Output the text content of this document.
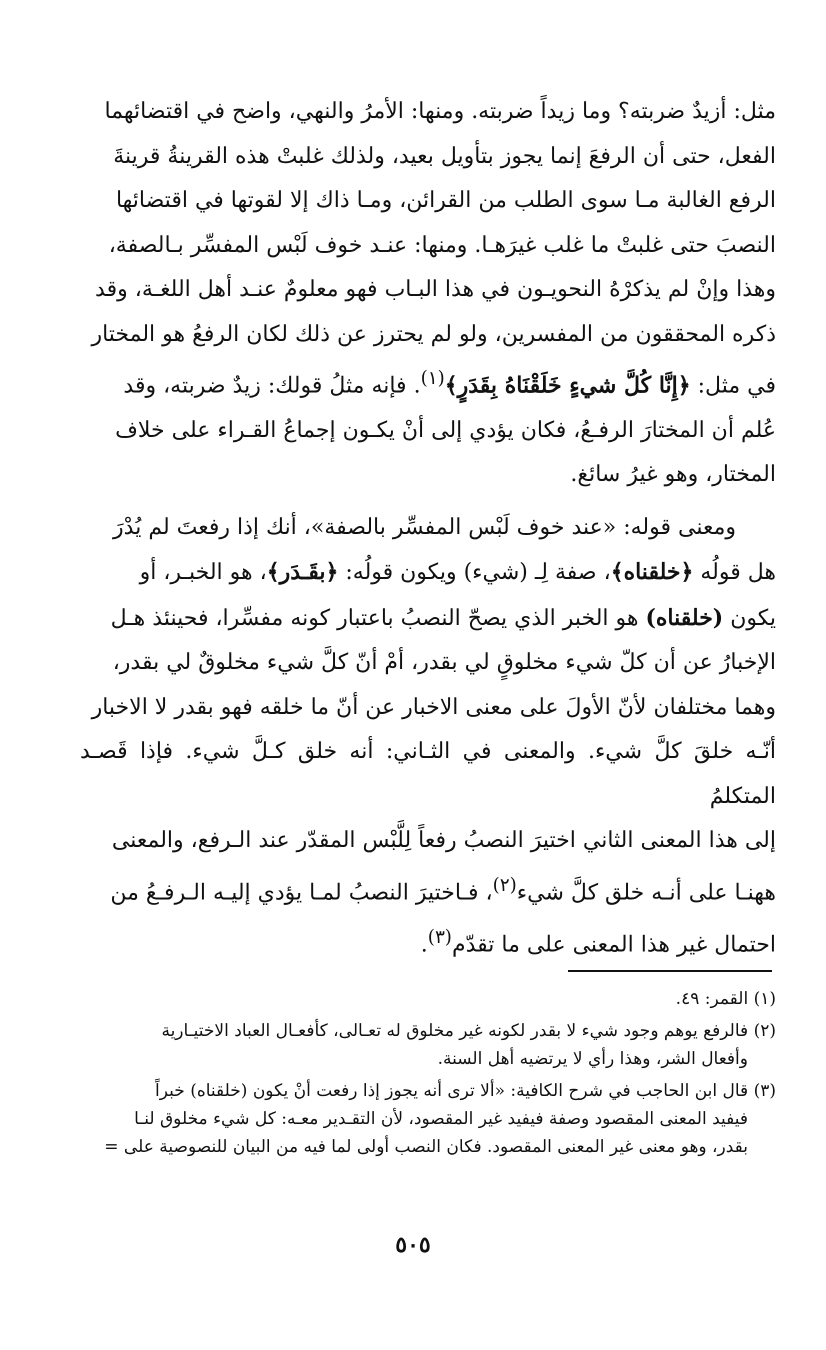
مثل: أزيدٌ ضربته؟ وما زيداً ضربته. ومنها: الأمرُ والنهي، واضح في اقتضائهما
الفعل، حتى أن الرفعَ إنما يجوز بتأويل بعيد، ولذلك غلبتْ هذه القرينةُ قرينةَ
الرفع الغالبة مـا سوى الطلب من القرائن، ومـا ذاك إلا لقوتها في اقتضائها
النصبَ حتى غلبتْ ما غلب غيرَهـا. ومنها: عنـد خوف لَبْس المفسِّر بـالصفة،
وهذا وإنْ لم يذكرْهُ النحويـون في هذا البـاب فهو معلومٌ عنـد أهل اللغـة، وقد
ذكره المحققون من المفسرين، ولو لم يحترز عن ذلك لكان الرفعُ هو المختار
في مثل: ﴿إِنَّا كُلَّ شيءٍ خَلَقْنَاهُ بِقَدَرٍ﴾$^{(١)}$. فإنه مثلُ قولك: زيدٌ ضربته، وقد
عُلم أن المختارَ الرفـعُ، فكان يؤدي إلى أنْ يكـون إجماعُ القـراء على خلاف
المختار، وهو غيرُ سائغ.

ومعنى قوله: «عند خوف لَبْس المفسِّر بالصفة»، أنك إذا رفعتَ لم يُدْرَ
هل قولُه ﴿خلقناه﴾، صفة لِـ (شيء) ويكون قولُه: ﴿بقَـدَر﴾، هو الخبـر، أو
يكون (خلقناه) هو الخبر الذي يصحّ النصبُ باعتبار كونه مفسِّرا، فحينئذ هـل
الإخبارُ عن أن كلّ شيء مخلوقٍ لي بقدر، أمْ أنّ كلَّ شيء مخلوقٌ لي بقدر،
وهما مختلفان لأنّ الأولَ على معنى الاخبار عن أنّ ما خلقه فهو بقدر لا الاخبار
أنّـه خلقَ كلَّ شيء. والمعنى في الثـاني: أنه خلق كـلَّ شيء. فإذا قَصـد المتكلمُ
إلى هذا المعنى الثاني اختيرَ النصبُ رفعاً لِلَّبْس المقدّر عند الـرفع، والمعنى
ههنـا على أنـه خلق كلَّ شيء$^{(٢)}$، فـاختيرَ النصبُ لمـا يؤدي إليـه الـرفـعُ من
احتمال غير هذا المعنى على ما تقدّم$^{(٣)}$.

(١) القمر: ٤٩.

(٢) فالرفع يوهم وجود شيء لا بقدر لكونه غير مخلوق له تعـالى، كأفعـال العباد الاختيـارية
وأفعال الشر، وهذا رأي لا يرتضيه أهل السنة.

(٣) قال ابن الحاجب في شرح الكافية: «ألا ترى أنه يجوز إذا رفعت أنْ يكون (خلقناه) خبراً
فيفيد المعنى المقصود وصفة فيفيد غير المقصود، لأن التقـدير معـه: كل شيء مخلوق لنـا
بقدر، وهو معنى غير المعنى المقصود. فكان النصب أولى لما فيه من البيان للنصوصية على =

٥٠٥
